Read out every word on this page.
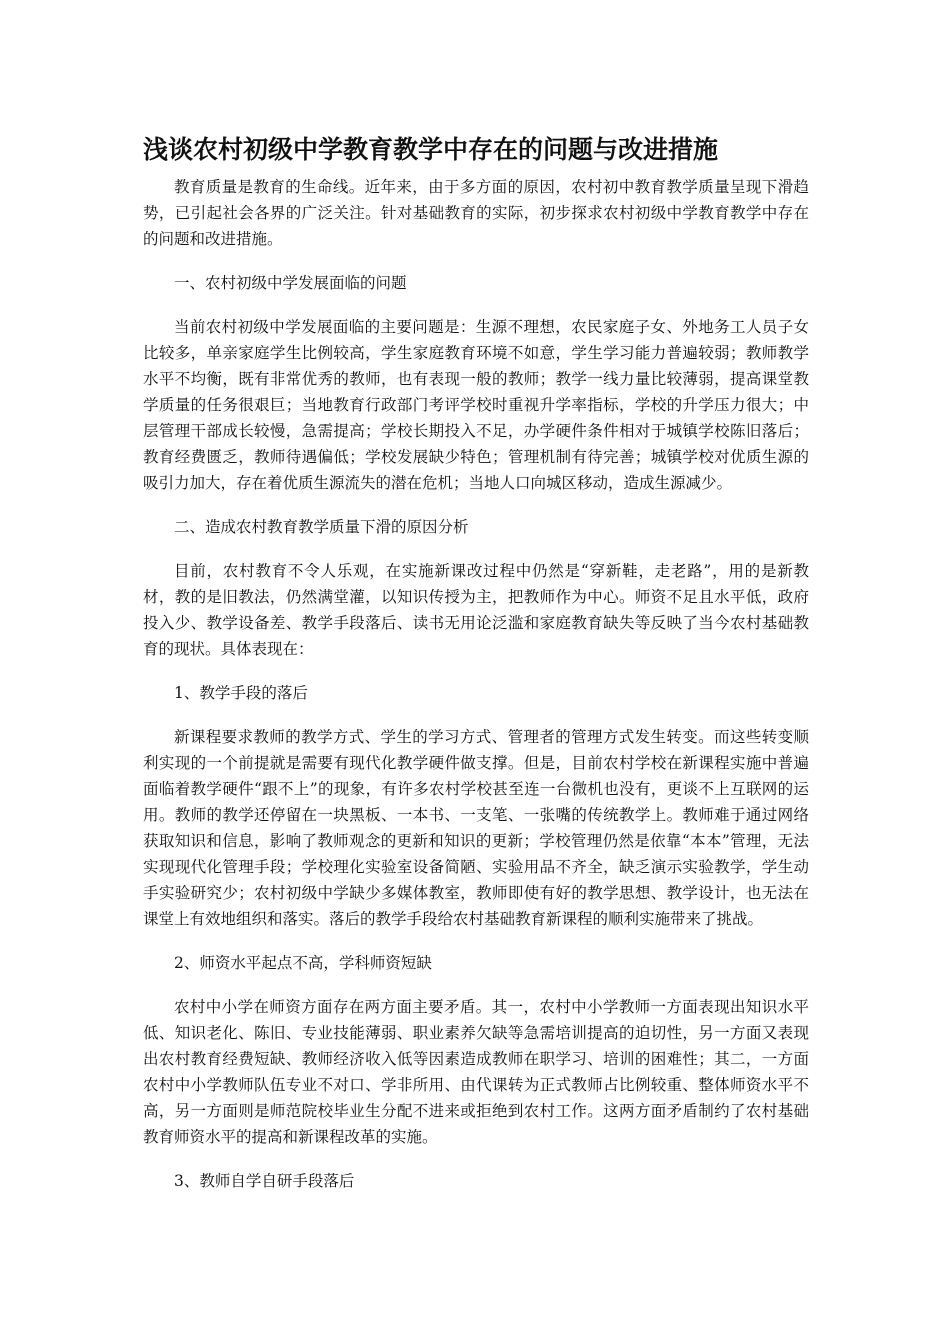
浅谈农村初级中学教育教学中存在的问题与改进措施

教育质量是教育的生命线。近年来，由于多方面的原因，农村初中教育教学质量呈现下滑趋势，已引起社会各界的广泛关注。针对基础教育的实际，初步探求农村初级中学教育教学中存在的问题和改进措施。

一、农村初级中学发展面临的问题

当前农村初级中学发展面临的主要问题是：生源不理想，农民家庭子女、外地务工人员子女比较多，单亲家庭学生比例较高，学生家庭教育环境不如意，学生学习能力普遍较弱；教师教学水平不均衡，既有非常优秀的教师，也有表现一般的教师；教学一线力量比较薄弱，提高课堂教学质量的任务很艰巨；当地教育行政部门考评学校时重视升学率指标，学校的升学压力很大；中层管理干部成长较慢，急需提高；学校长期投入不足，办学硬件条件相对于城镇学校陈旧落后；教育经费匮乏，教师待遇偏低；学校发展缺少特色；管理机制有待完善；城镇学校对优质生源的吸引力加大，存在着优质生源流失的潜在危机；当地人口向城区移动，造成生源减少。

二、造成农村教育教学质量下滑的原因分析

目前，农村教育不令人乐观，在实施新课改过程中仍然是“穿新鞋，走老路”，用的是新教材，教的是旧教法，仍然满堂灌，以知识传授为主，把教师作为中心。师资不足且水平低，政府投入少、教学设备差、教学手段落后、读书无用论泛滥和家庭教育缺失等反映了当今农村基础教育的现状。具体表现在：

1、教学手段的落后

新课程要求教师的教学方式、学生的学习方式、管理者的管理方式发生转变。而这些转变顺利实现的一个前提就是需要有现代化教学硬件做支撑。但是，目前农村学校在新课程实施中普遍面临着教学硬件“跟不上”的现象，有许多农村学校甚至连一台微机也没有，更谈不上互联网的运用。教师的教学还停留在一块黑板、一本书、一支笔、一张嘴的传统教学上。教师难于通过网络获取知识和信息，影响了教师观念的更新和知识的更新；学校管理仍然是依靠“本本”管理，无法实现现代化管理手段；学校理化实验室设备简陋、实验用品不齐全，缺乏演示实验教学，学生动手实验研究少；农村初级中学缺少多媒体教室，教师即使有好的教学思想、教学设计，也无法在课堂上有效地组织和落实。落后的教学手段给农村基础教育新课程的顺利实施带来了挑战。

2、师资水平起点不高，学科师资短缺

农村中小学在师资方面存在两方面主要矛盾。其一，农村中小学教师一方面表现出知识水平低、知识老化、陈旧、专业技能薄弱、职业素养欠缺等急需培训提高的迫切性，另一方面又表现出农村教育经费短缺、教师经济收入低等因素造成教师在职学习、培训的困难性；其二，一方面农村中小学教师队伍专业不对口、学非所用、由代课转为正式教师占比例较重、整体师资水平不高，另一方面则是师范院校毕业生分配不进来或拒绝到农村工作。这两方面矛盾制约了农村基础教育师资水平的提高和新课程改革的实施。

3、教师自学自研手段落后
